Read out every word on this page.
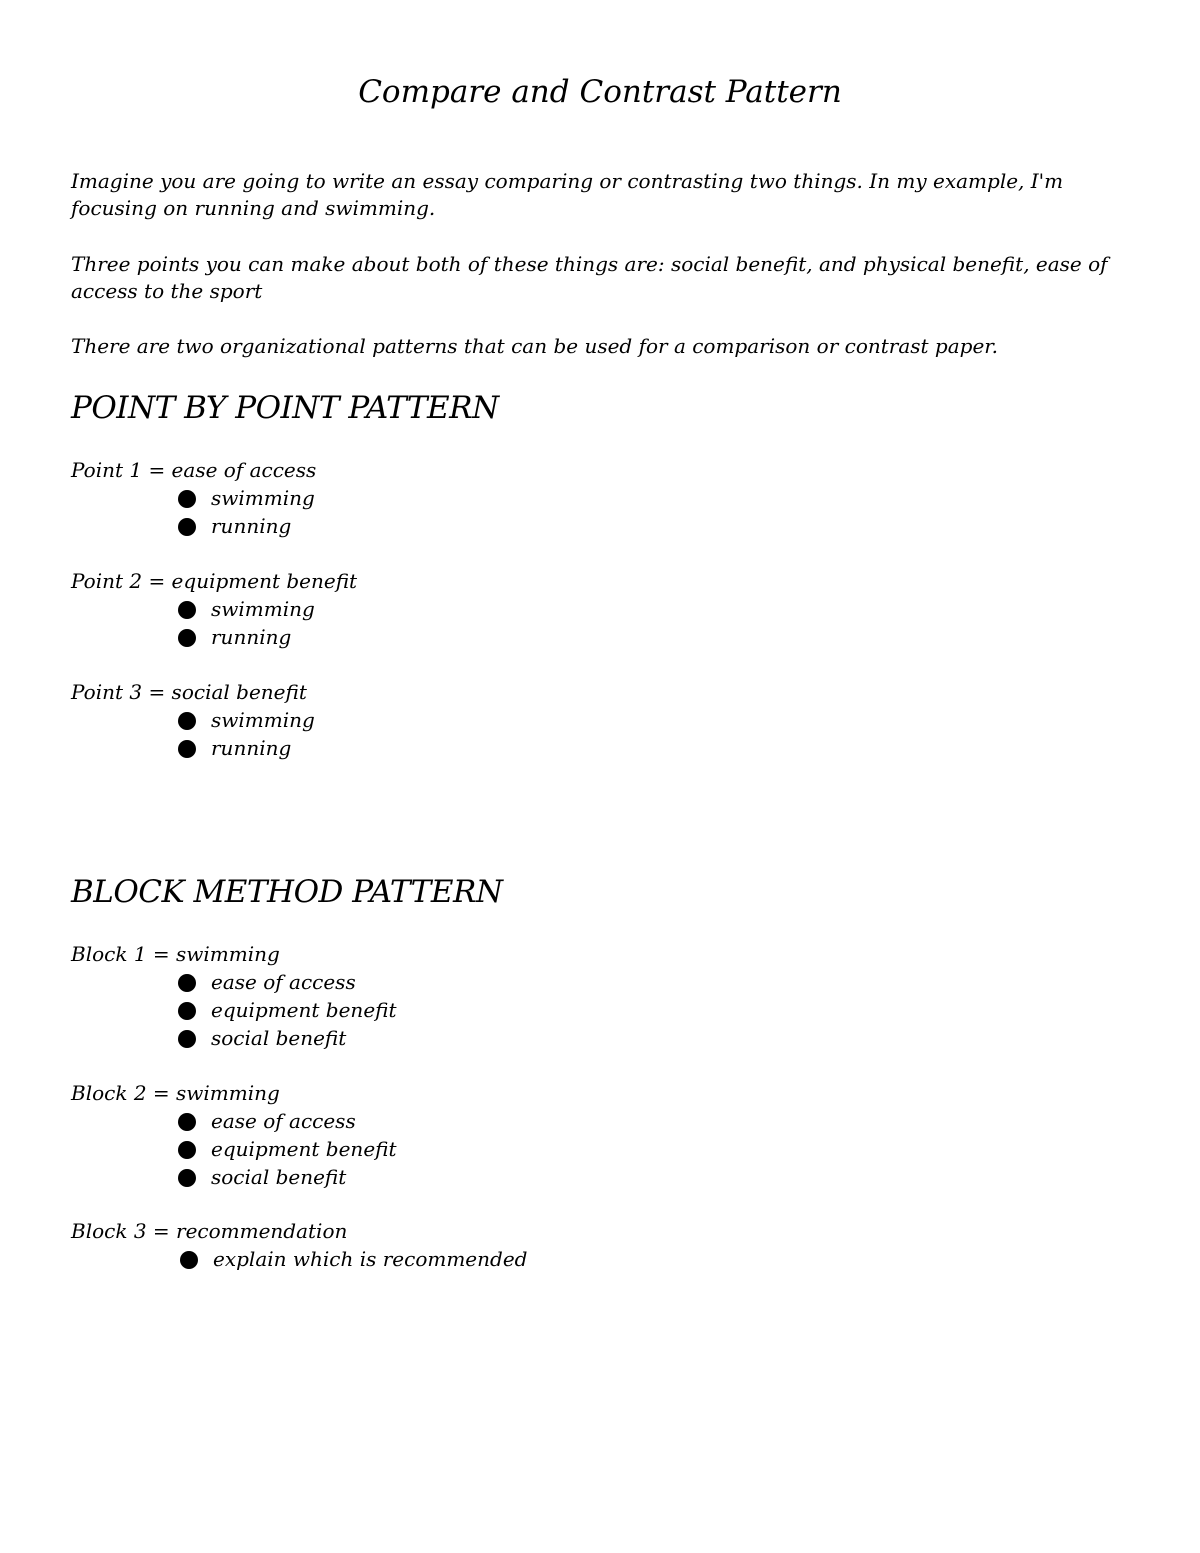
Compare and Contrast Pattern

Imagine you are going to write an essay comparing or contrasting two things. In my example, I'm focusing on running and swimming.

Three points you can make about both of these things are: social benefit, and physical benefit, ease of access to the sport

There are two organizational patterns that can be used for a comparison or contrast paper.

POINT BY POINT PATTERN
Point 1 = ease of access
swimming
running
Point 2 = equipment benefit
swimming
running
Point 3 = social benefit
swimming
running
BLOCK METHOD PATTERN
Block 1 = swimming
ease of access
equipment benefit
social benefit
Block 2 = swimming
ease of access
equipment benefit
social benefit
Block 3 = recommendation
explain which is recommended
